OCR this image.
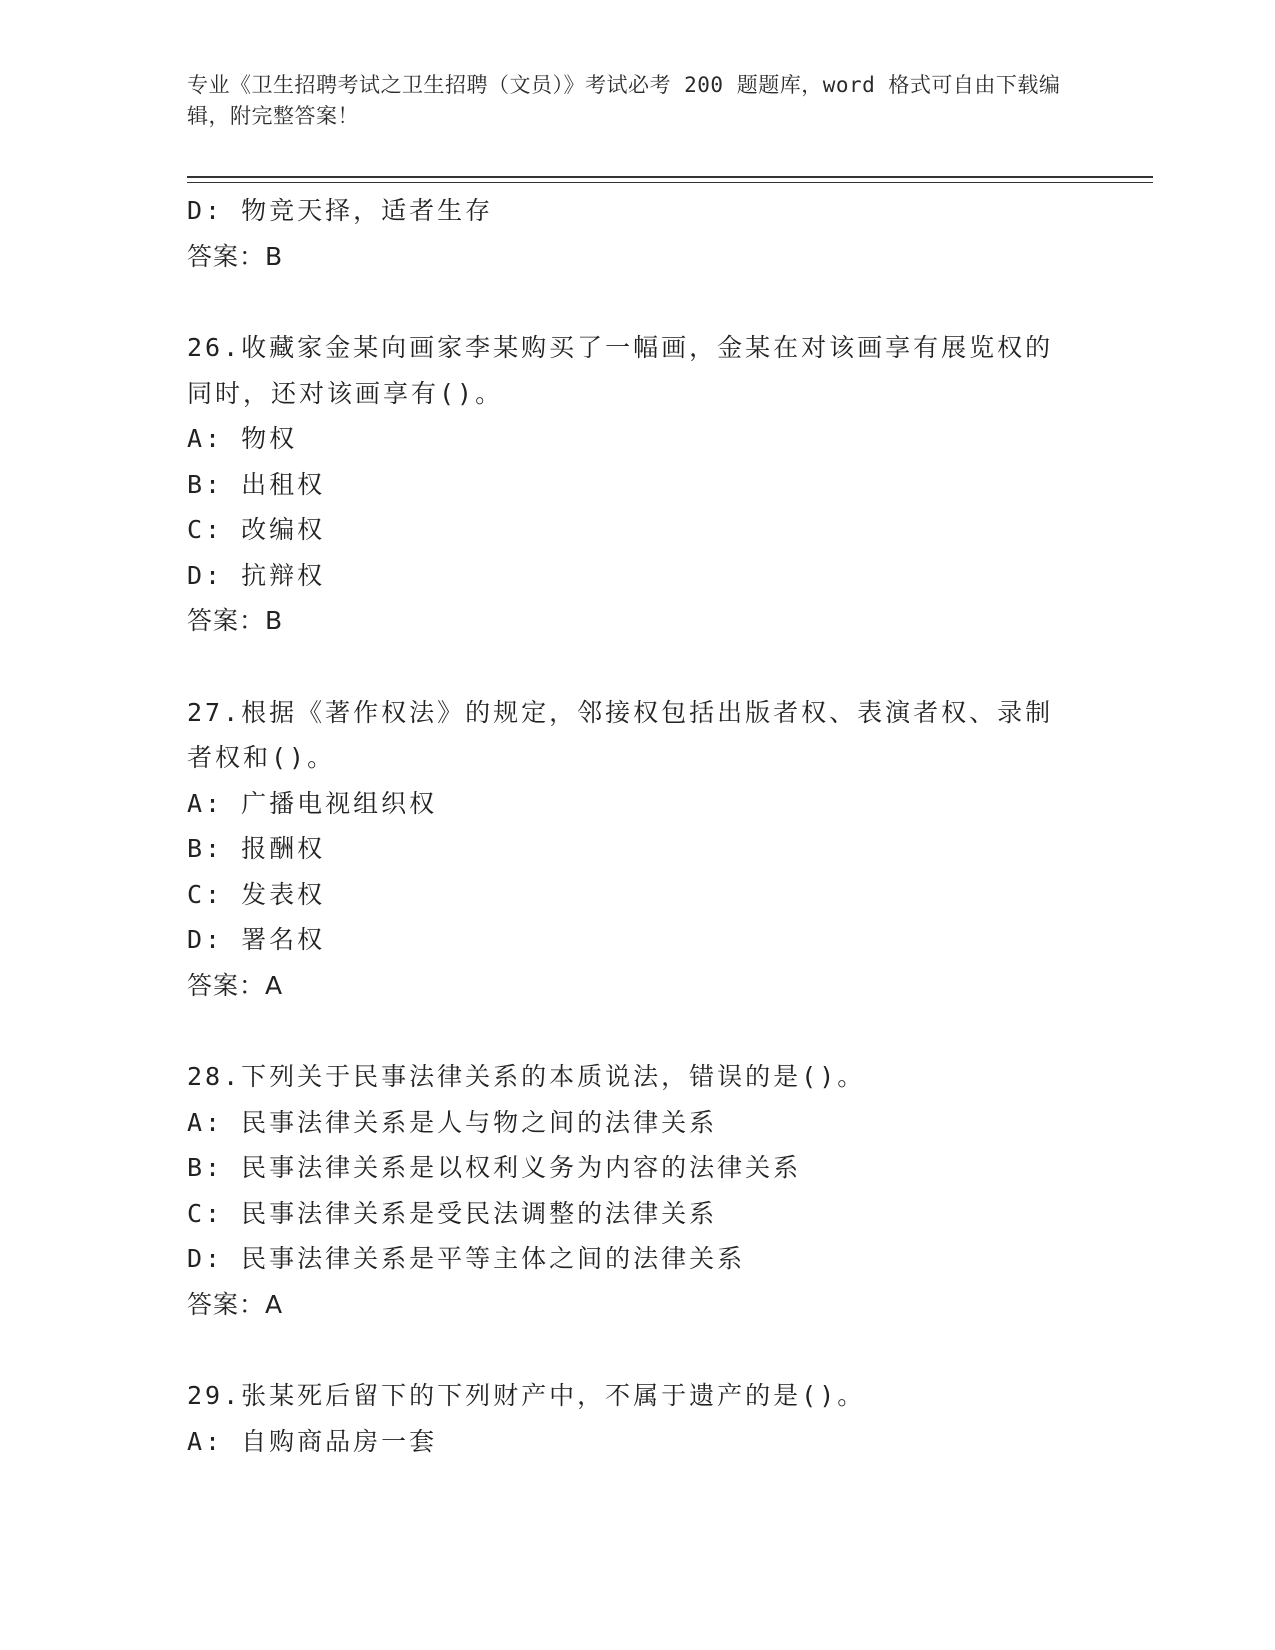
专业《卫生招聘考试之卫生招聘（文员）》考试必考 200 题题库，word 格式可自由下载编辑，附完整答案！
D: 物竞天择，适者生存
答案：B
26.收藏家金某向画家李某购买了一幅画，金某在对该画享有展览权的同时，还对该画享有()。
A: 物权
B: 出租权
C: 改编权
D: 抗辩权
答案：B
27.根据《著作权法》的规定，邻接权包括出版者权、表演者权、录制者权和()。
A: 广播电视组织权
B: 报酬权
C: 发表权
D: 署名权
答案：A
28.下列关于民事法律关系的本质说法，错误的是()。
A: 民事法律关系是人与物之间的法律关系
B: 民事法律关系是以权利义务为内容的法律关系
C: 民事法律关系是受民法调整的法律关系
D: 民事法律关系是平等主体之间的法律关系
答案：A
29.张某死后留下的下列财产中，不属于遗产的是()。
A: 自购商品房一套
